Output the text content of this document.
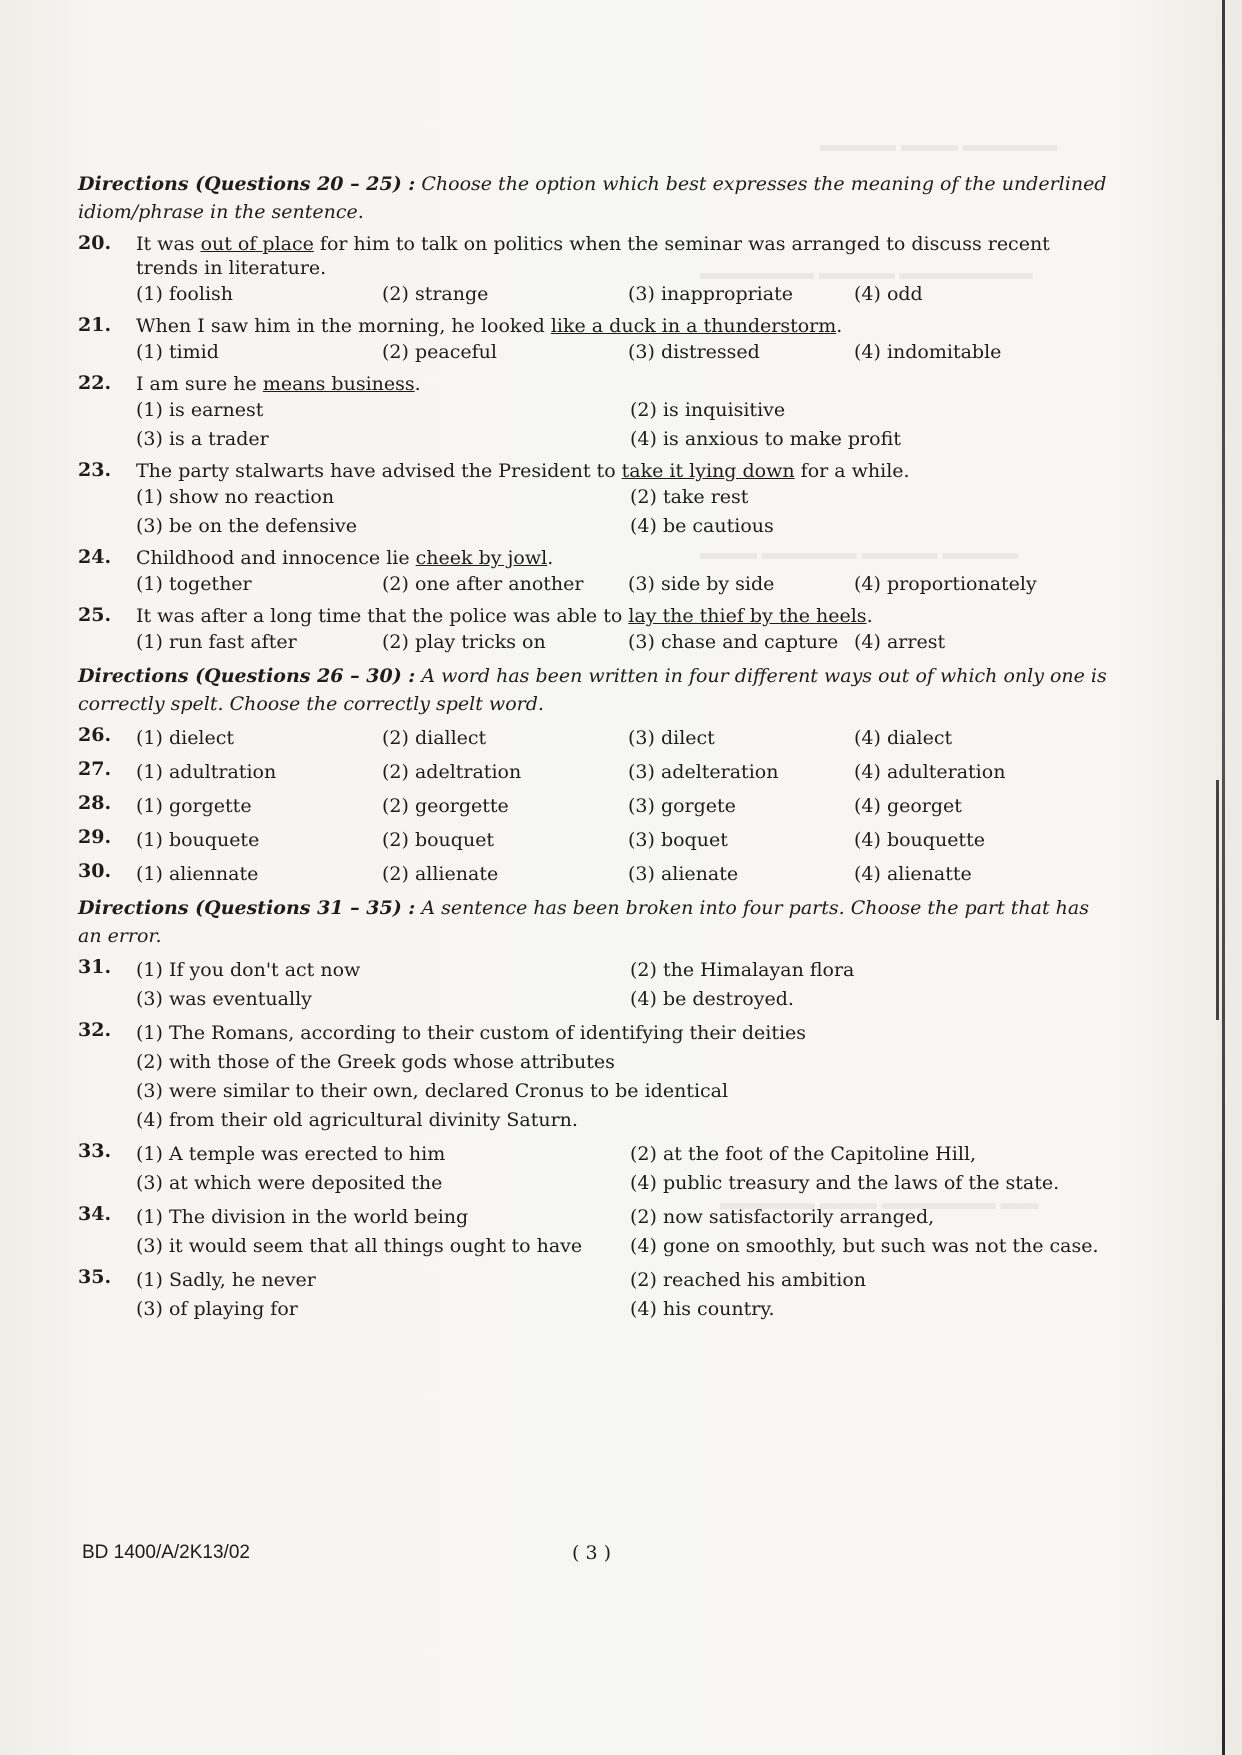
▬▬▬▬ ▬▬▬ ▬▬▬▬▬
▬▬▬▬▬▬ ▬▬▬▬ ▬▬▬▬▬▬▬
▬▬▬ ▬▬▬▬▬ ▬▬▬▬ ▬▬▬▬
▬▬▬▬▬ ▬▬▬ ▬▬▬▬▬▬ ▬▬
Directions (Questions 20 – 25) : Choose the option which best expresses the meaning of the underlined idiom/phrase in the sentence.
20. It was out of place for him to talk on politics when the seminar was arranged to discuss recent trends in literature.
(1) foolish	(2) strange	(3) inappropriate	(4) odd
21. When I saw him in the morning, he looked like a duck in a thunderstorm.
(1) timid	(2) peaceful	(3) distressed	(4) indomitable
22. I am sure he means business.
(1) is earnest	(2) is inquisitive
(3) is a trader	(4) is anxious to make profit
23. The party stalwarts have advised the President to take it lying down for a while.
(1) show no reaction	(2) take rest
(3) be on the defensive	(4) be cautious
24. Childhood and innocence lie cheek by jowl.
(1) together	(2) one after another	(3) side by side	(4) proportionately
25. It was after a long time that the police was able to lay the thief by the heels.
(1) run fast after	(2) play tricks on	(3) chase and capture (4) arrest
Directions (Questions 26 – 30) : A word has been written in four different ways out of which only one is correctly spelt. Choose the correctly spelt word.
26. (1) dielect	(2) diallect	(3) dilect	(4) dialect
27. (1) adultration	(2) adeltration	(3) adelteration	(4) adulteration
28. (1) gorgette	(2) georgette	(3) gorgete	(4) georget
29. (1) bouquete	(2) bouquet	(3) boquet	(4) bouquette
30. (1) aliennate	(2) allienate	(3) alienate	(4) alienatte
Directions (Questions 31 – 35) : A sentence has been broken into four parts. Choose the part that has an error.
31. (1) If you don't act now	(2) the Himalayan flora
(3) was eventually	(4) be destroyed.
32. (1) The Romans, according to their custom of identifying their deities
(2) with those of the Greek gods whose attributes
(3) were similar to their own, declared Cronus to be identical
(4) from their old agricultural divinity Saturn.
33. (1) A temple was erected to him	(2) at the foot of the Capitoline Hill,
(3) at which were deposited the	(4) public treasury and the laws of the state.
34. (1) The division in the world being	(2) now satisfactorily arranged,
(3) it would seem that all things ought to have	(4) gone on smoothly, but such was not the case.
35. (1) Sadly, he never	(2) reached his ambition
(3) of playing for	(4) his country.
BD 1400/A/2K13/02	( 3 )
